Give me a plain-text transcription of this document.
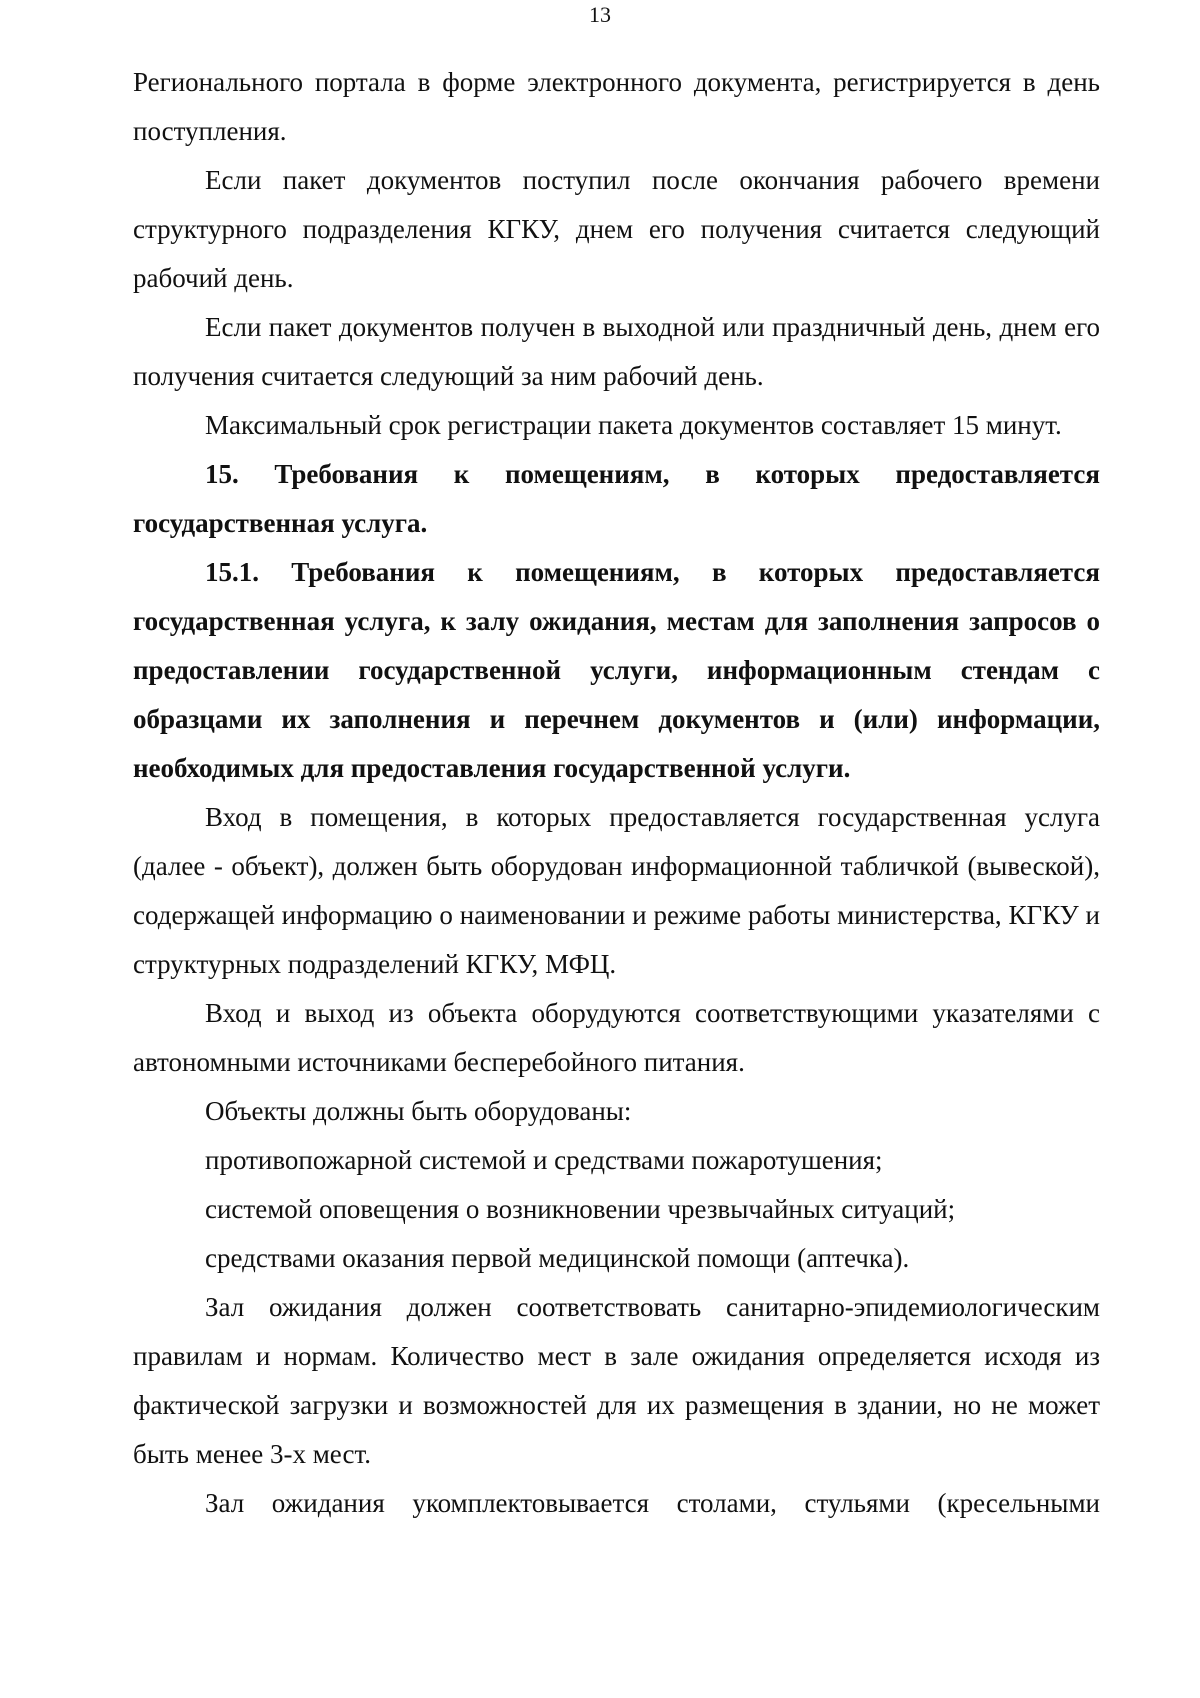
13

Регионального портала в форме электронного документа, регистрируется в день поступления.

Если пакет документов поступил после окончания рабочего времени структурного подразделения КГКУ, днем его получения считается следующий рабочий день.

Если пакет документов получен в выходной или праздничный день, днем его получения считается следующий за ним рабочий день.

Максимальный срок регистрации пакета документов составляет 15 минут.

15. Требования к помещениям, в которых предоставляется государственная услуга.

15.1. Требования к помещениям, в которых предоставляется государственная услуга, к залу ожидания, местам для заполнения запросов о предоставлении государственной услуги, информационным стендам с образцами их заполнения и перечнем документов и (или) информации, необходимых для предоставления государственной услуги.

Вход в помещения, в которых предоставляется государственная услуга (далее - объект), должен быть оборудован информационной табличкой (вывеской), содержащей информацию о наименовании и режиме работы министерства, КГКУ и структурных подразделений КГКУ, МФЦ.

Вход и выход из объекта оборудуются соответствующими указателями с автономными источниками бесперебойного питания.

Объекты должны быть оборудованы:

противопожарной системой и средствами пожаротушения;

системой оповещения о возникновении чрезвычайных ситуаций;

средствами оказания первой медицинской помощи (аптечка).

Зал ожидания должен соответствовать санитарно-эпидемиологическим правилам и нормам. Количество мест в зале ожидания определяется исходя из фактической загрузки и возможностей для их размещения в здании, но не может быть менее 3-х мест.

Зал ожидания укомплектовывается столами, стульями (кресельными
